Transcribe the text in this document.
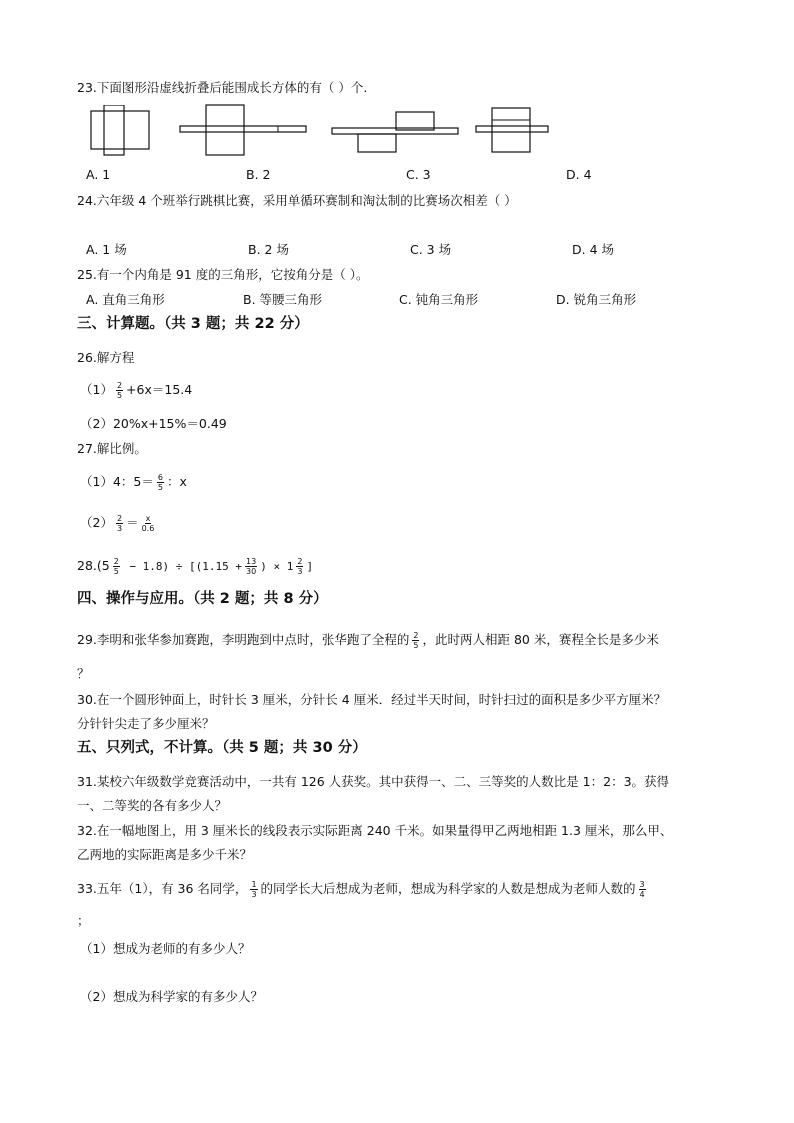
23.下面图形沿虚线折叠后能围成长方体的有（ ）个.
A. 1	B. 2	C. 3	D. 4
24.六年级 4 个班举行跳棋比赛，采用单循环赛制和淘汰制的比赛场次相差（ ）
A. 1 场	B. 2 场	C. 3 场	D. 4 场
25.有一个内角是 91 度的三角形，它按角分是（ ）。
A. 直角三角形	B. 等腰三角形	C. 钝角三角形	D. 锐角三角形
三、计算题。（共 3 题；共 22 分）
26.解方程
$(1) \frac{2}{5} +6x=15.4$
（2）20%x+15%＝0.49
27.解比例。
（1）4：$5= \frac{6}{5}$ ：x
$(2) \frac{2}{3} = \frac{x}{0.6}$
$28.(5 \frac{2}{5} - 1.8) \div [(1.15 + \frac{13}{30}$ ) × $1 \frac{2}{3}$ ]
四、操作与应用。（共 2 题；共 8 分）
29.李明和张华参加赛跑，李明跑到中点时，张华跑了全程的 $\frac{2}{5}$ ，此时两人相距 80 米，赛程全长是多少米
？
30.在一个圆形钟面上，时针长 3 厘米，分针长 4 厘米．经过半天时间，时针扫过的面积是多少平方厘米？
分针针尖走了多少厘米？
五、只列式，不计算。（共 5 题；共 30 分）
31.某校六年级数学竞赛活动中，一共有 126 人获奖。其中获得一、二、三等奖的人数比是 1：2：3。获得
一、二等奖的各有多少人？
32.在一幅地图上，用 3 厘米长的线段表示实际距离 240 千米。如果量得甲乙两地相距 1.3 厘米，那么甲、
乙两地的实际距离是多少千米？
33.五年（1），有 36 名同学， $\frac{1}{3}$ 的同学长大后想成为老师，想成为科学家的人数是想成为老师人数的 $\frac{3}{4}$
；
（1）想成为老师的有多少人？
（2）想成为科学家的有多少人？
